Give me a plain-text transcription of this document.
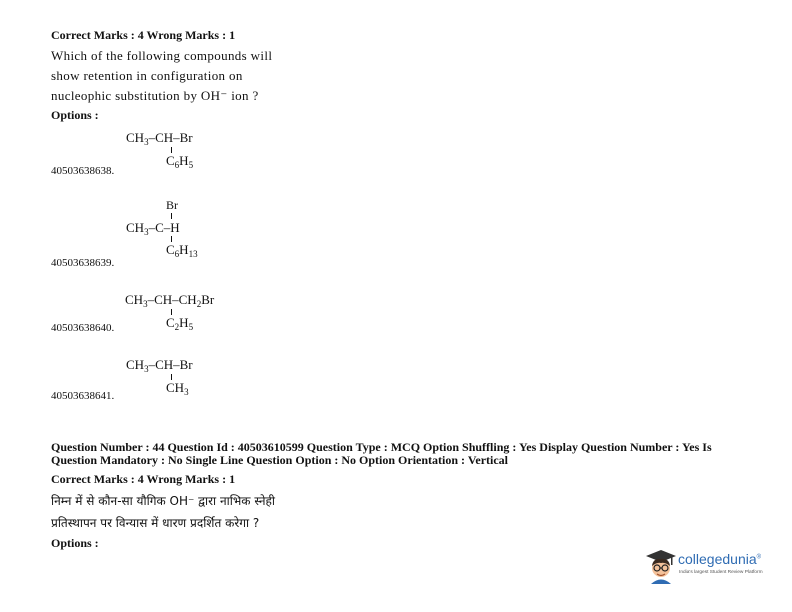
Correct Marks : 4 Wrong Marks : 1
Which of the following compounds will
show retention in configuration on
nucleophic substitution by OH⁻ ion ?
Options :
$CH_3-CH-Br$
$C_6H_5$
40503638638.
Br
$CH_3-C-H$
$C_6H_{13}$
40503638639.
$CH_3-CH-CH_2Br$
$C_2H_5$
40503638640.
$CH_3-CH-Br$
$CH_3$
40503638641.
Question Number : 44 Question Id : 40503610599 Question Type : MCQ Option Shuffling : Yes Display Question Number : Yes Is Question Mandatory : No Single Line Question Option : No Option Orientation : Vertical
Correct Marks : 4 Wrong Marks : 1
निम्न में से कौन-सा यौगिक OH⁻ द्वारा नाभिक स्नेही
प्रतिस्थापन पर विन्यास में धारण प्रदर्शित करेगा ?
Options :
collegedunia®
India's largest Student Review Platform
